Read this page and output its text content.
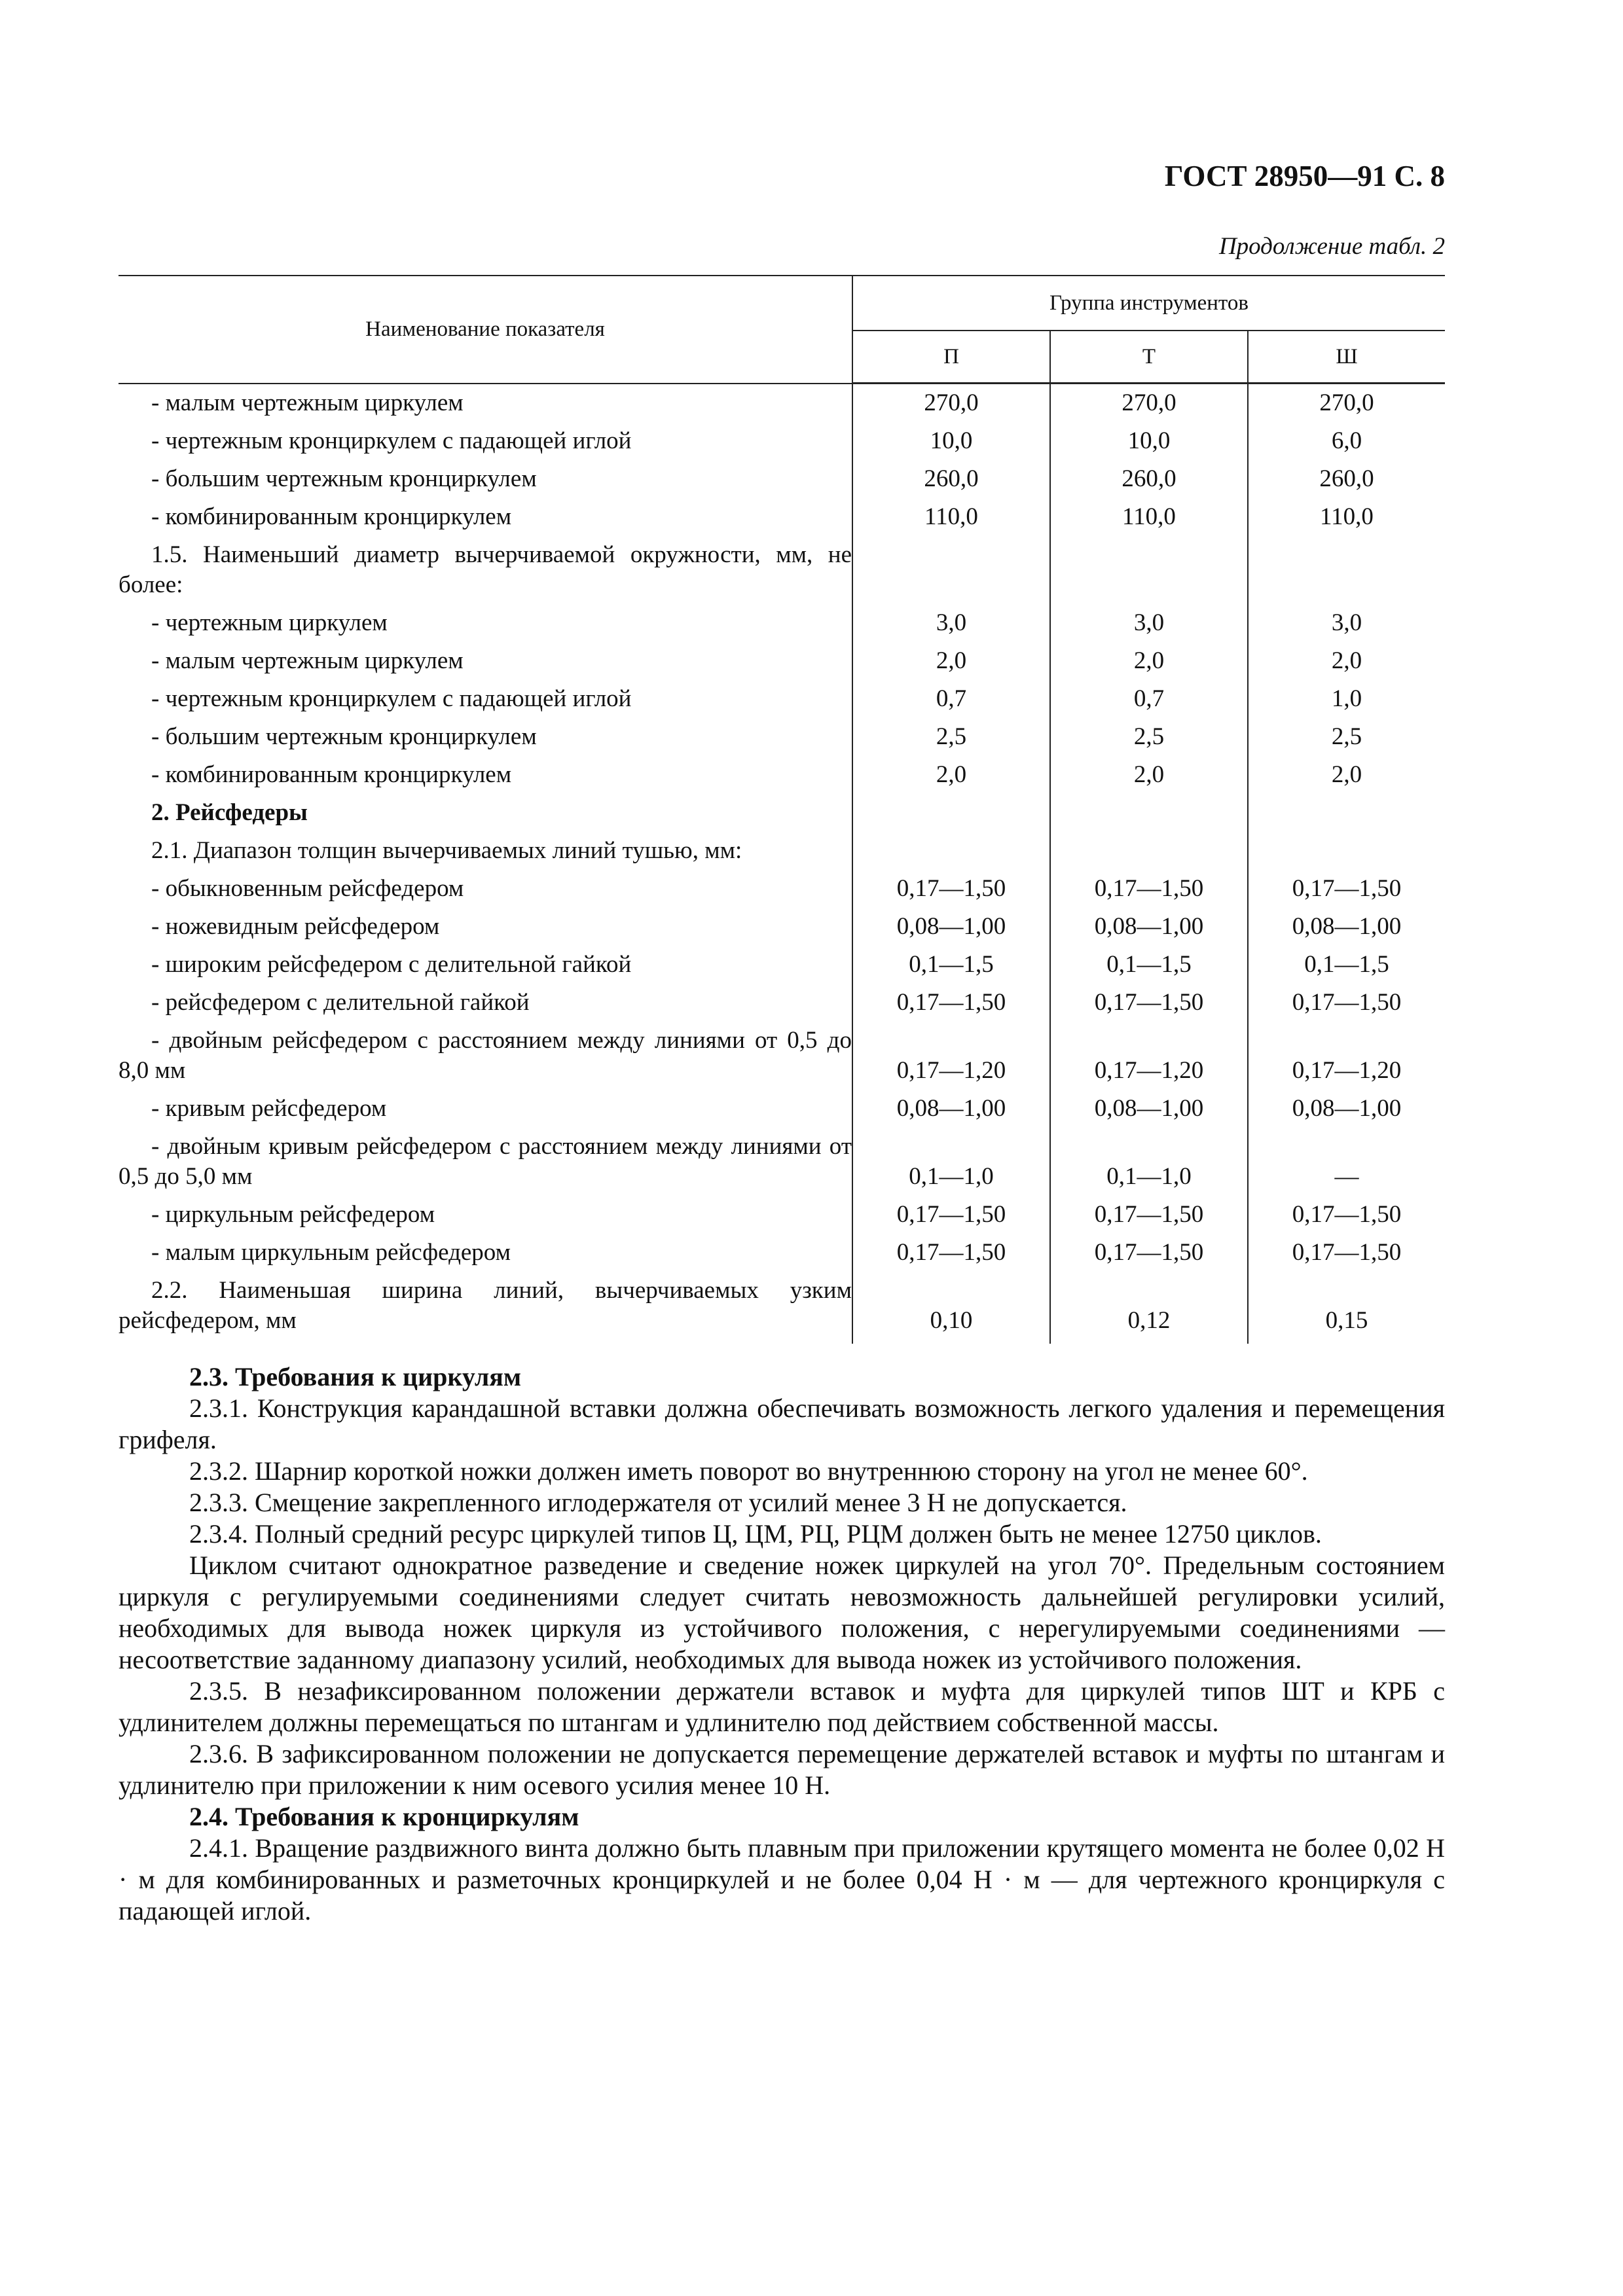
ГОСТ 28950—91 С. 8
Продолжение табл. 2
Наименование показателя	Группа инструментов		
	П	Т	Ш
- малым чертежным циркулем	270,0	270,0	270,0
- чертежным кронциркулем с падающей иглой	10,0	10,0	6,0
- большим чертежным кронциркулем	260,0	260,0	260,0
- комбинированным кронциркулем	110,0	110,0	110,0
1.5. Наименьший диаметр вычерчиваемой окружности, мм, не более:			
- чертежным циркулем	3,0	3,0	3,0
- малым чертежным циркулем	2,0	2,0	2,0
- чертежным кронциркулем с падающей иглой	0,7	0,7	1,0
- большим чертежным кронциркулем	2,5	2,5	2,5
- комбинированным кронциркулем	2,0	2,0	2,0
2. Рейсфедеры			
2.1. Диапазон толщин вычерчиваемых линий тушью, мм:			
- обыкновенным рейсфедером	0,17—1,50	0,17—1,50	0,17—1,50
- ножевидным рейсфедером	0,08—1,00	0,08—1,00	0,08—1,00
- широким рейсфедером с делительной гайкой	0,1—1,5	0,1—1,5	0,1—1,5
- рейсфедером с делительной гайкой	0,17—1,50	0,17—1,50	0,17—1,50
- двойным рейсфедером с расстоянием между линиями от 0,5 до 8,0 мм	0,17—1,20	0,17—1,20	0,17—1,20
- кривым рейсфедером	0,08—1,00	0,08—1,00	0,08—1,00
- двойным кривым рейсфедером с расстоянием между линиями от 0,5 до 5,0 мм	0,1—1,0	0,1—1,0	—
- циркульным рейсфедером	0,17—1,50	0,17—1,50	0,17—1,50
- малым циркульным рейсфедером	0,17—1,50	0,17—1,50	0,17—1,50
2.2. Наименьшая ширина линий, вычерчиваемых узким рейсфедером, мм	0,10	0,12	0,15

2.3. Требования к циркулям

2.3.1. Конструкция карандашной вставки должна обеспечивать возможность легкого удаления и перемещения грифеля.

2.3.2. Шарнир короткой ножки должен иметь поворот во внутреннюю сторону на угол не менее 60°.

2.3.3. Смещение закрепленного иглодержателя от усилий менее 3 Н не допускается.

2.3.4. Полный средний ресурс циркулей типов Ц, ЦМ, РЦ, РЦМ должен быть не менее 12750 циклов.

Циклом считают однократное разведение и сведение ножек циркулей на угол 70°. Предельным состоянием циркуля с регулируемыми соединениями следует считать невозможность дальнейшей регулировки усилий, необходимых для вывода ножек циркуля из устойчивого положения, с нерегулируемыми соединениями — несоответствие заданному диапазону усилий, необходимых для вывода ножек из устойчивого положения.

2.3.5. В незафиксированном положении держатели вставок и муфта для циркулей типов ШТ и КРБ с удлинителем должны перемещаться по штангам и удлинителю под действием собственной массы.

2.3.6. В зафиксированном положении не допускается перемещение держателей вставок и муфты по штангам и удлинителю при приложении к ним осевого усилия менее 10 Н.

2.4. Требования к кронциркулям

2.4.1. Вращение раздвижного винта должно быть плавным при приложении крутящего момента не более 0,02 Н · м для комбинированных и разметочных кронциркулей и не более 0,04 Н · м — для чертежного кронциркуля с падающей иглой.
